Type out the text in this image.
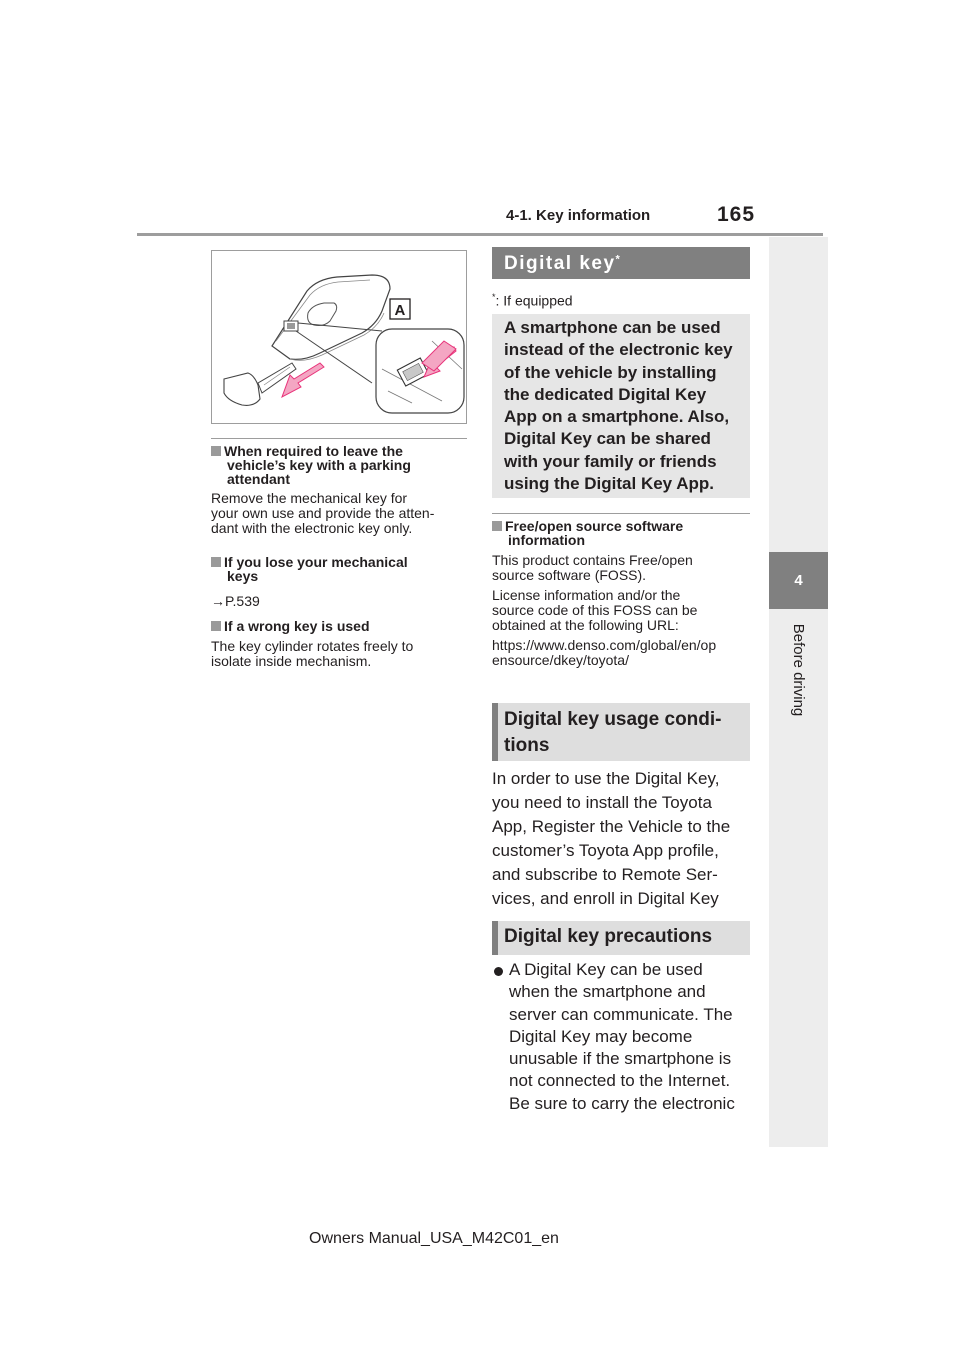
4-1. Key information	165
4
Before driving
A
When required to leave the
vehicle’s key with a parking
attendant
Remove the mechanical key for
your own use and provide the atten-
dant with the electronic key only.
If you lose your mechanical
keys
→P.539
If a wrong key is used
The key cylinder rotates freely to
isolate inside mechanism.
Digital key*
*: If equipped
A smartphone can be used
instead of the electronic key
of the vehicle by installing
the dedicated Digital Key
App on a smartphone. Also,
Digital Key can be shared
with your family or friends
using the Digital Key App.
Free/open source software
information
This product contains Free/open
source software (FOSS).
License information and/or the
source code of this FOSS can be
obtained at the following URL:
https://www.denso.com/global/en/op
ensource/dkey/toyota/
Digital key usage condi-
tions
In order to use the Digital Key,
you need to install the Toyota
App, Register the Vehicle to the
customer’s Toyota App profile,
and subscribe to Remote Ser-
vices, and enroll in Digital Key
Digital key precautions
A Digital Key can be used
when the smartphone and
server can communicate. The
Digital Key may become
unusable if the smartphone is
not connected to the Internet.
Be sure to carry the electronic
Owners Manual_USA_M42C01_en
